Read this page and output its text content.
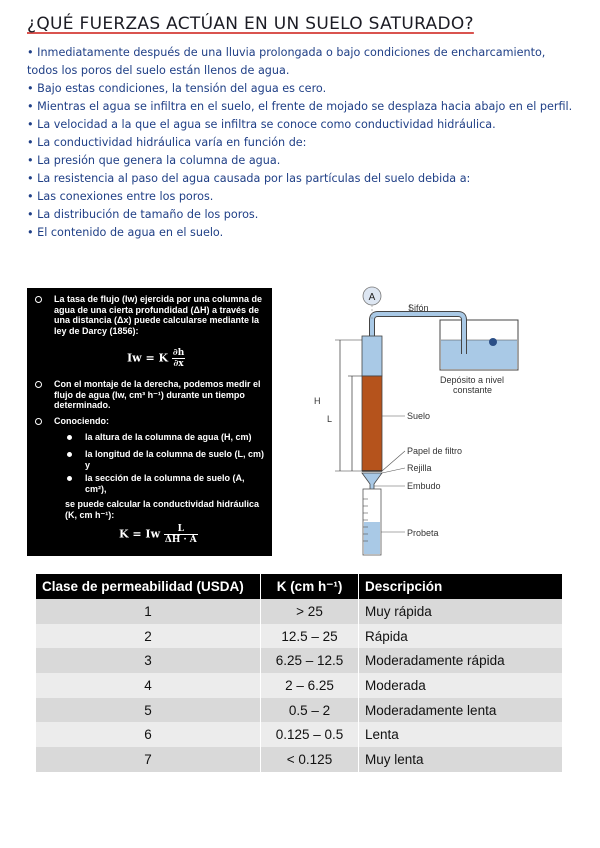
¿QUÉ FUERZAS ACTÚAN EN UN SUELO SATURADO?
• Inmediatamente después de una lluvia prolongada o bajo condiciones de encharcamiento, todos los poros del suelo están llenos de agua.
• Bajo estas condiciones, la tensión del agua es cero.
• Mientras el agua se infiltra en el suelo, el frente de mojado se desplaza hacia abajo en el perfil.
• La velocidad a la que el agua se infiltra se conoce como conductividad hidráulica.
• La conductividad hidráulica varía en función de:
• La presión que genera la columna de agua.
• La resistencia al paso del agua causada por las partículas del suelo debida a:
• Las conexiones entre los poros.
• La distribución de tamaño de los poros.
• El contenido de agua en el suelo.
La tasa de flujo (Iw) ejercida por una columna de agua de una cierta profundidad (ΔH) a través de una distancia (Δx) puede calcularse mediante la ley de Darcy (1856):
Iw = K $\frac{\partial h}{\partial x}$
Con el montaje de la derecha, podemos medir el flujo de agua (Iw, cm³ h⁻¹) durante un tiempo determinado.
Conociendo:
la altura de la columna de agua (H, cm)
la longitud de la columna de suelo (L, cm) y
la sección de la columna de suelo (A, cm²),
se puede calcular la conductividad hidráulica (K, cm h⁻¹):
K = Iw $\frac{L}{\Delta H \cdot A}$
A
H
L
Sifón
Depósito a nivel
constante
Suelo
Papel de filtro
Rejilla
Embudo
Probeta
Clase de permeabilidad (USDA)	K (cm h⁻¹)	Descripción
1	> 25	Muy rápida
2	12.5 – 25	Rápida
3	6.25 – 12.5	Moderadamente rápida
4	2 – 6.25	Moderada
5	0.5 – 2	Moderadamente lenta
6	0.125 – 0.5	Lenta
7	< 0.125	Muy lenta
